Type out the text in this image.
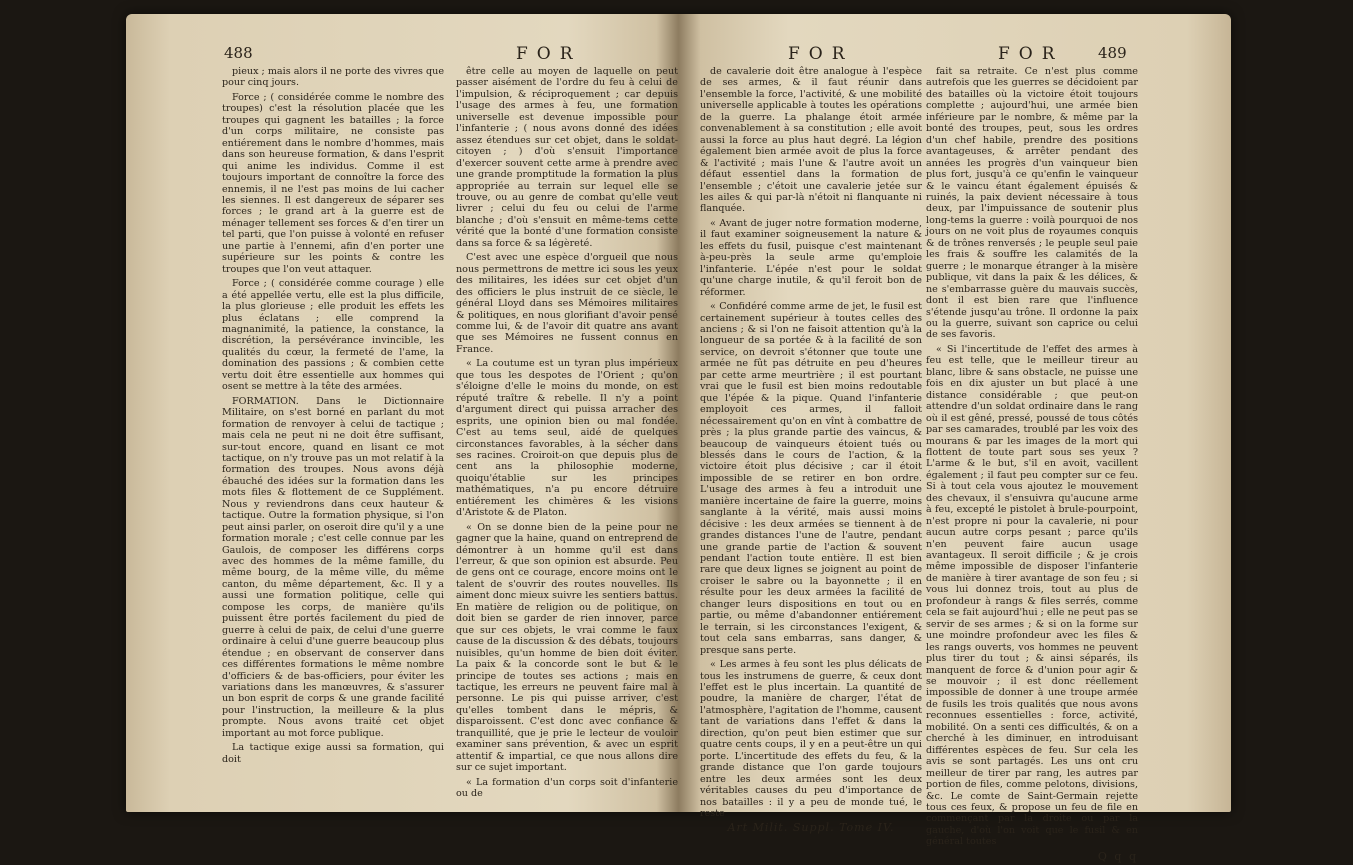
488	FOR

pieux ; mais alors il ne porte des vivres que pour cinq jours.

Force ; ( considérée comme le nombre des troupes) c'est la résolution placée que les troupes qui gagnent les batailles ; la force d'un corps militaire, ne consiste pas entiérement dans le nombre d'hommes, mais dans son heureuse formation, & dans l'esprit qui anime les individus. Comme il est toujours important de connoître la force des ennemis, il ne l'est pas moins de lui cacher les siennes. Il est dangereux de séparer ses forces ; le grand art à la guerre est de ménager tellement ses forces & d'en tirer un tel parti, que l'on puisse à volonté en refuser une partie à l'ennemi, afin d'en porter une supérieure sur les points & contre les troupes que l'on veut attaquer.

Force ; ( considérée comme courage ) elle a été appellée vertu, elle est la plus difficile, la plus glorieuse ; elle produit les effets les plus éclatans ; elle comprend la magnanimité, la patience, la constance, la discrétion, la persévérance invincible, les qualités du cœur, la fermeté de l'ame, la domination des passions ; & combien cette vertu doit être essentielle aux hommes qui osent se mettre à la tête des armées.

FORMATION. Dans le Dictionnaire Militaire, on s'est borné en parlant du mot formation de renvoyer à celui de tactique ; mais cela ne peut ni ne doit être suffisant, sur-tout encore, quand en lisant ce mot tactique, on n'y trouve pas un mot relatif à la formation des troupes. Nous avons déjà ébauché des idées sur la formation dans les mots files & flottement de ce Supplément. Nous y reviendrons dans ceux hauteur & tactique. Outre la formation physique, si l'on peut ainsi parler, on oseroit dire qu'il y a une formation morale ; c'est celle connue par les Gaulois, de composer les différens corps avec des hommes de la même famille, du même bourg, de la même ville, du même canton, du même département, &c. Il y a aussi une formation politique, celle qui compose les corps, de manière qu'ils puissent être portés facilement du pied de guerre à celui de paix, de celui d'une guerre ordinaire à celui d'une guerre beaucoup plus étendue ; en observant de conserver dans ces différentes formations le même nombre d'officiers & de bas-officiers, pour éviter les variations dans les manœuvres, & s'assurer un bon esprit de corps & une grande facilité pour l'instruction, la meilleure & la plus prompte. Nous avons traité cet objet important au mot force publique.

La tactique exige aussi sa formation, qui doit

être celle au moyen de laquelle on peut passer aisément de l'ordre du feu à celui de l'impulsion, & réciproquement ; car depuis l'usage des armes à feu, une formation universelle est devenue impossible pour l'infanterie ; ( nous avons donné des idées assez étendues sur cet objet, dans le soldat-citoyen ; ) d'où s'ensuit l'importance d'exercer souvent cette arme à prendre avec une grande promptitude la formation la plus appropriée au terrain sur lequel elle se trouve, ou au genre de combat qu'elle veut livrer ; celui du feu ou celui de l'arme blanche ; d'où s'ensuit en même-tems cette vérité que la bonté d'une formation consiste dans sa force & sa légèreté.

C'est avec une espèce d'orgueil que nous nous permettrons de mettre ici sous les yeux des militaires, les idées sur cet objet d'un des officiers le plus instruit de ce siècle, le général Lloyd dans ses Mémoires militaires & politiques, en nous glorifiant d'avoir pensé comme lui, & de l'avoir dit quatre ans avant que ses Mémoires ne fussent connus en France.

« La coutume est un tyran plus impérieux que tous les despotes de l'Orient ; qu'on s'éloigne d'elle le moins du monde, on est réputé traître & rebelle. Il n'y a point d'argument direct qui puissa arracher des esprits, une opinion bien ou mal fondée. C'est au tems seul, aidé de quelques circonstances favorables, à la sécher dans ses racines. Croiroit-on que depuis plus de cent ans la philosophie moderne, quoiqu'établie sur les principes mathématiques, n'a pu encore détruire entiérement les chimères & les visions d'Aristote & de Platon.

« On se donne bien de la peine pour ne gagner que la haine, quand on entreprend de démontrer à un homme qu'il est dans l'erreur, & que son opinion est absurde. Peu de gens ont ce courage, encore moins ont le talent de s'ouvrir des routes nouvelles. Ils aiment donc mieux suivre les sentiers battus. En matière de religion ou de politique, on doit bien se garder de rien innover, parce que sur ces objets, le vrai comme le faux cause de la discussion & des débats, toujours nuisibles, qu'un homme de bien doit éviter. La paix & la concorde sont le but & le principe de toutes ses actions ; mais en tactique, les erreurs ne peuvent faire mal à personne. Le pis qui puisse arriver, c'est qu'elles tombent dans le mépris, & disparoissent. C'est donc avec confiance & tranquillité, que je prie le lecteur de vouloir examiner sans prévention, & avec un esprit attentif & impartial, ce que nous allons dire sur ce sujet important.

« La formation d'un corps soit d'infanterie ou de

FOR	FOR 489

de cavalerie doit être analogue à l'espèce de ses armes, & il faut réunir dans l'ensemble la force, l'activité, & une mobilité universelle applicable à toutes les opérations de la guerre. La phalange étoit armée convenablement à sa constitution ; elle avoit aussi la force au plus haut degré. La légion également bien armée avoit de plus la force & l'activité ; mais l'une & l'autre avoit un défaut essentiel dans la formation de l'ensemble ; c'étoit une cavalerie jetée sur les ailes & qui par-là n'étoit ni flanquante ni flanquée.

« Avant de juger notre formation moderne, il faut examiner soigneusement la nature & les effets du fusil, puisque c'est maintenant à-peu-près la seule arme qu'emploie l'infanterie. L'épée n'est pour le soldat qu'une charge inutile, & qu'il feroit bon de réformer.

« Confidéré comme arme de jet, le fusil est certainement supérieur à toutes celles des anciens ; & si l'on ne faisoit attention qu'à la longueur de sa portée & à la facilité de son service, on devroit s'étonner que toute une armée ne fût pas détruite en peu d'heures par cette arme meurtrière ; il est pourtant vrai que le fusil est bien moins redoutable que l'épée & la pique. Quand l'infanterie employoit ces armes, il falloit nécessairement qu'on en vînt à combattre de près ; la plus grande partie des vaincus, & beaucoup de vainqueurs étoient tués ou blessés dans le cours de l'action, & la victoire étoit plus décisive ; car il étoit impossible de se retirer en bon ordre. L'usage des armes à feu a introduit une manière incertaine de faire la guerre, moins sanglante à la vérité, mais aussi moins décisive : les deux armées se tiennent à de grandes distances l'une de l'autre, pendant une grande partie de l'action & souvent pendant l'action toute entière. Il est bien rare que deux lignes se joignent au point de croiser le sabre ou la bayonnette ; il en résulte pour les deux armées la facilité de changer leurs dispositions en tout ou en partie, ou même d'abandonner entiérement le terrain, si les circonstances l'exigent, & tout cela sans embarras, sans danger, & presque sans perte.

« Les armes à feu sont les plus délicats de tous les instrumens de guerre, & ceux dont l'effet est le plus incertain. La quantité de poudre, la manière de charger, l'état de l'atmosphère, l'agitation de l'homme, causent tant de variations dans l'effet & dans la direction, qu'on peut bien estimer que sur quatre cents coups, il y en a peut-être un qui porte. L'incertitude des effets du feu, & la grande distance que l'on garde toujours entre les deux armées sont les deux véritables causes du peu d'importance de nos batailles : il y a peu de monde tué, le reste

Art Milit. Suppl. Tome IV.

fait sa retraite. Ce n'est plus comme autrefois que les guerres se décidoient par des batailles où la victoire étoit toujours complette ; aujourd'hui, une armée bien inférieure par le nombre, & même par la bonté des troupes, peut, sous les ordres d'un chef habile, prendre des positions avantageuses, & arrêter pendant des années les progrès d'un vainqueur bien plus fort, jusqu'à ce qu'enfin le vainqueur & le vaincu étant également épuisés & ruinés, la paix devient nécessaire à tous deux, par l'impuissance de soutenir plus long-tems la guerre : voilà pourquoi de nos jours on ne voit plus de royaumes conquis & de trônes renversés ; le peuple seul paie les frais & souffre les calamités de la guerre ; le monarque étranger à la misère publique, vit dans la paix & les délices, & ne s'embarrasse guère du mauvais succès, dont il est bien rare que l'influence s'étende jusqu'au trône. Il ordonne la paix ou la guerre, suivant son caprice ou celui de ses favoris.

« Si l'incertitude de l'effet des armes à feu est telle, que le meilleur tireur au blanc, libre & sans obstacle, ne puisse une fois en dix ajuster un but placé à une distance considérable ; que peut-on attendre d'un soldat ordinaire dans le rang où il est gêné, pressé, poussé de tous côtés par ses camarades, troublé par les voix des mourans & par les images de la mort qui flottent de toute part sous ses yeux ? L'arme & le but, s'il en avoit, vacillent également ; il faut peu compter sur ce feu. Si à tout cela vous ajoutez le mouvement des chevaux, il s'ensuivra qu'aucune arme à feu, excepté le pistolet à brule-pourpoint, n'est propre ni pour la cavalerie, ni pour aucun autre corps pesant ; parce qu'ils n'en peuvent faire aucun usage avantageux. Il seroit difficile ; & je crois même impossible de disposer l'infanterie de manière à tirer avantage de son feu ; si vous lui donnez trois, tout au plus de profondeur à rangs & files serrés, comme cela se fait aujourd'hui ; elle ne peut pas se servir de ses armes ; & si on la forme sur une moindre profondeur avec les files & les rangs ouverts, vos hommes ne peuvent plus tirer du tout ; & ainsi séparés, ils manquent de force & d'union pour agir & se mouvoir ; il est donc réellement impossible de donner à une troupe armée de fusils les trois qualités que nous avons reconnues essentielles : force, activité, mobilité. On a senti ces difficultés, & on a cherché à les diminuer, en introduisant différentes espèces de feu. Sur cela les avis se sont partagés. Les uns ont cru meilleur de tirer par rang, les autres par portion de files, comme pelotons, divisions, &c. Le comte de Saint-Germain rejette tous ces feux, & propose un feu de file en commençant par la droite ou par la gauche, d'où l'on voit que le fusil & en général toutes

Q q q
